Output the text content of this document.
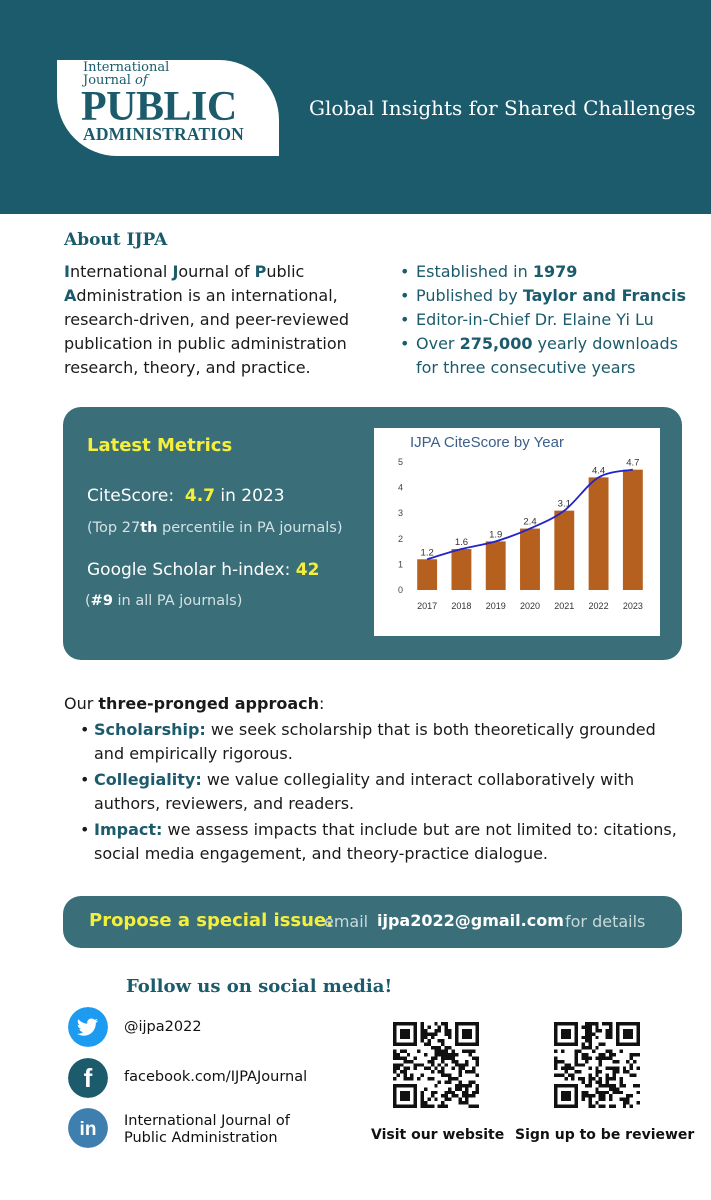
International
Journal of
PUBLIC
ADMINISTRATION
Global Insights for Shared Challenges
About IJPA
International Journal of Public Administration is an international, research-driven, and peer-reviewed publication in public administration research, theory, and practice.
• Established in 1979
• Published by Taylor and Francis
• Editor-in-Chief Dr. Elaine Yi Lu
• Over 275,000 yearly downloads for three consecutive years
Latest Metrics
CiteScore: 4.7 in 2023
(Top 27th percentile in PA journals)
Google Scholar h-index: 42
(#9 in all PA journals)
IJPA CiteScore by Year
0
1
2
3
4
5
1.2
1.6
1.9
2.4
3.1
4.4
4.7
2017 2018 2019 2020 2021 2022 2023
Our three-pronged approach:
• Scholarship: we seek scholarship that is both theoretically grounded and empirically rigorous.
• Collegiality: we value collegiality and interact collaboratively with authors, reviewers, and readers.
• Impact: we assess impacts that include but are not limited to: citations, social media engagement, and theory-practice dialogue.
Propose a special issue:
email ijpa2022@gmail.com for details
Follow us on social media!
@ijpa2022
f facebook.com/IJPAJournal
in International Journal of
Public Administration	Visit our website Sign up to be reviewer
